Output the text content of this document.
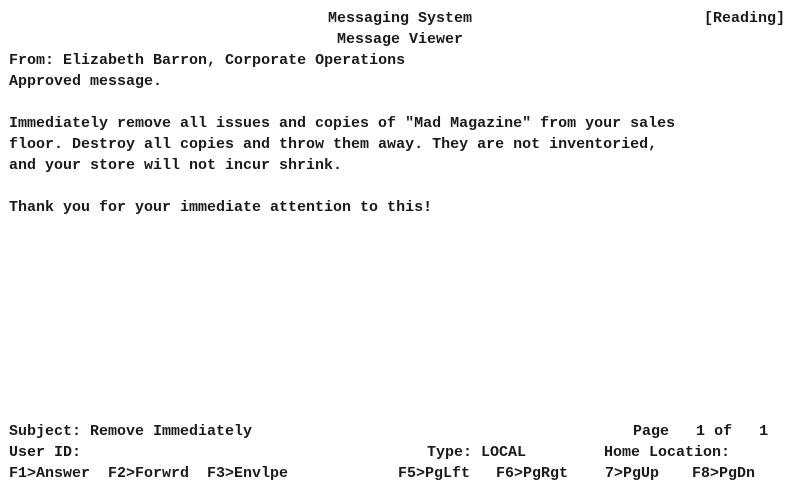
Messaging System	[Reading]
Message Viewer
From: Elizabeth Barron, Corporate Operations
Approved message.
Immediately remove all issues and copies of "Mad Magazine" from your sales
floor. Destroy all copies and throw them away. They are not inventoried,
and your store will not incur shrink.
Thank you for your immediate attention to this!
Subject: Remove Immediately	Page 1 of 1
User ID:	Type: LOCAL	Home Location:
F1>Answer F2>Forwrd F3>Envlpe	F5>PgLft F6>PgRgt 7>PgUp F8>PgDn
